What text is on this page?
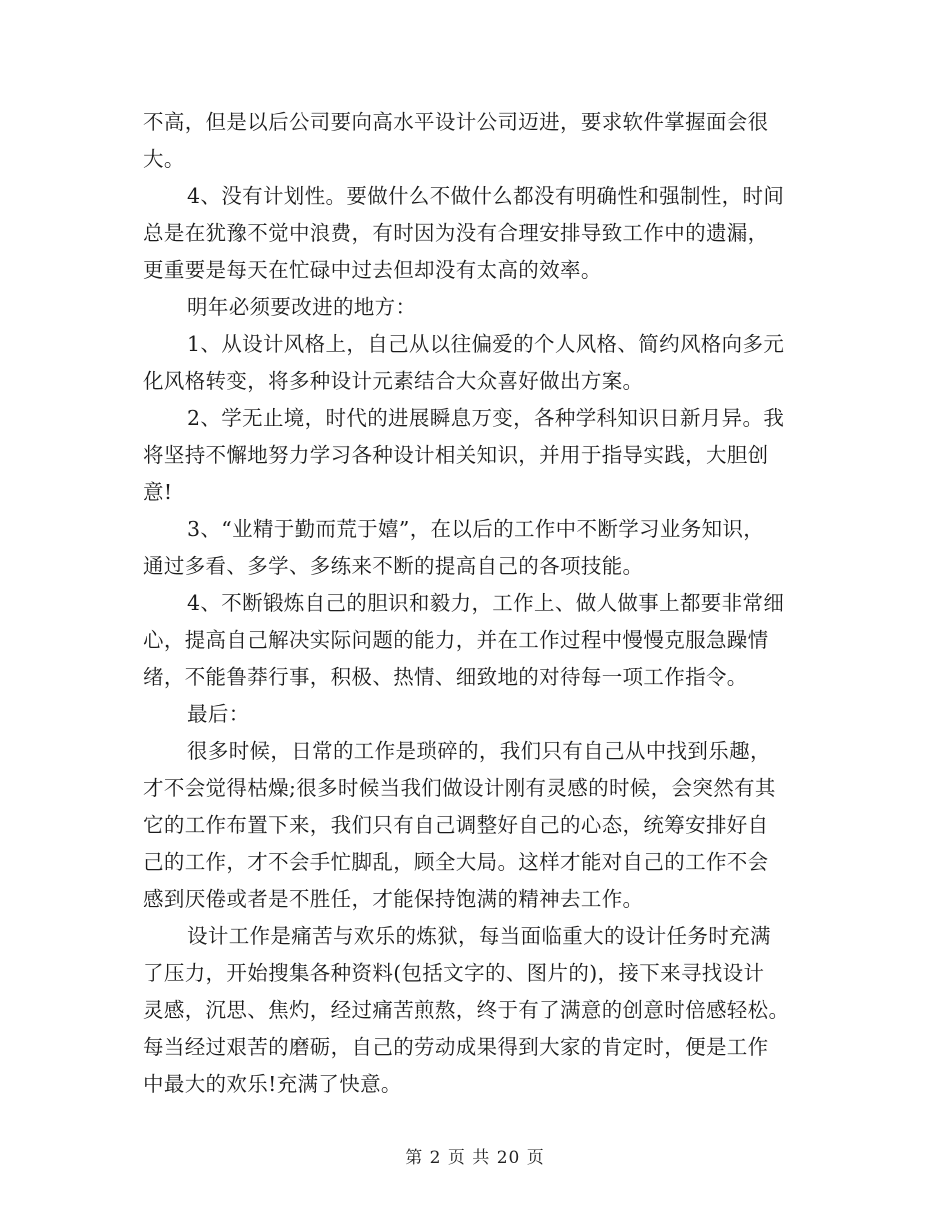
不高，但是以后公司要向高水平设计公司迈进，要求软件掌握面会很
大。
4、没有计划性。要做什么不做什么都没有明确性和强制性，时间
总是在犹豫不觉中浪费，有时因为没有合理安排导致工作中的遗漏，
更重要是每天在忙碌中过去但却没有太高的效率。
明年必须要改进的地方：
1、从设计风格上，自己从以往偏爱的个人风格、简约风格向多元
化风格转变，将多种设计元素结合大众喜好做出方案。
2、学无止境，时代的进展瞬息万变，各种学科知识日新月异。我
将坚持不懈地努力学习各种设计相关知识，并用于指导实践，大胆创
意!
3、“业精于勤而荒于嬉”，在以后的工作中不断学习业务知识，
通过多看、多学、多练来不断的提高自己的各项技能。
4、不断锻炼自己的胆识和毅力，工作上、做人做事上都要非常细
心，提高自己解决实际问题的能力，并在工作过程中慢慢克服急躁情
绪，不能鲁莽行事，积极、热情、细致地的对待每一项工作指令。
最后：
很多时候，日常的工作是琐碎的，我们只有自己从中找到乐趣，
才不会觉得枯燥;很多时候当我们做设计刚有灵感的时候，会突然有其
它的工作布置下来，我们只有自己调整好自己的心态，统筹安排好自
己的工作，才不会手忙脚乱，顾全大局。这样才能对自己的工作不会
感到厌倦或者是不胜任，才能保持饱满的精神去工作。
设计工作是痛苦与欢乐的炼狱，每当面临重大的设计任务时充满
了压力，开始搜集各种资料(包括文字的、图片的)，接下来寻找设计
灵感，沉思、焦灼，经过痛苦煎熬，终于有了满意的创意时倍感轻松。
每当经过艰苦的磨砺，自己的劳动成果得到大家的肯定时，便是工作
中最大的欢乐!充满了快意。
第 2 页 共 20 页
